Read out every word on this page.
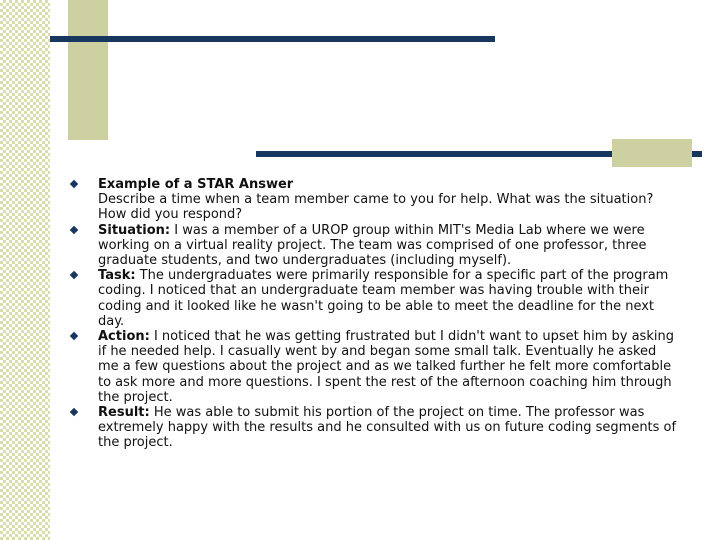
Example of a STAR Answer
Describe a time when a team member came to you for help. What was the situation? How did you respond?
Situation: I was a member of a UROP group within MIT's Media Lab where we were working on a virtual reality project. The team was comprised of one professor, three graduate students, and two undergraduates (including myself).
Task: The undergraduates were primarily responsible for a specific part of the program coding. I noticed that an undergraduate team member was having trouble with their coding and it looked like he wasn't going to be able to meet the deadline for the next day.
Action: I noticed that he was getting frustrated but I didn't want to upset him by asking if he needed help. I casually went by and began some small talk. Eventually he asked me a few questions about the project and as we talked further he felt more comfortable to ask more and more questions. I spent the rest of the afternoon coaching him through the project.
Result: He was able to submit his portion of the project on time. The professor was extremely happy with the results and he consulted with us on future coding segments of the project.
